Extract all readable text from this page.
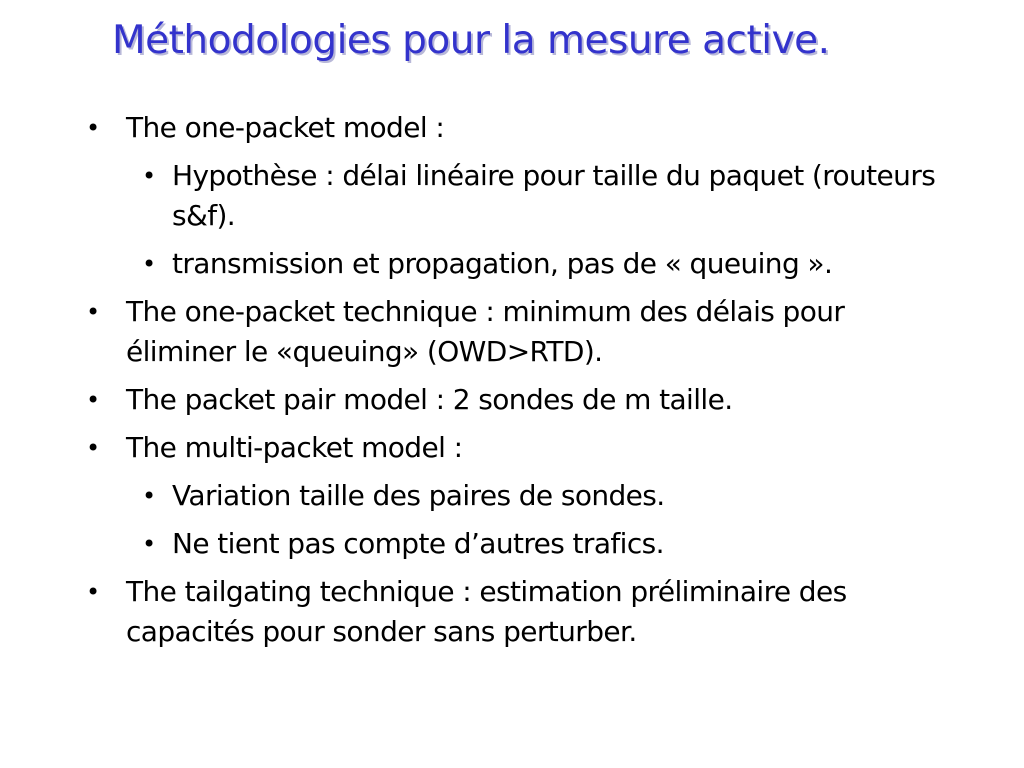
Méthodologies pour la mesure active.
• The one-packet model :
• Hypothèse : délai linéaire pour taille du paquet (routeurs s&f).
• transmission et propagation, pas de « queuing ».
• The one-packet technique : minimum des délais pour éliminer le «queuing» (OWD>RTD).
• The packet pair model : 2 sondes de m taille.
• The multi-packet model :
• Variation taille des paires de sondes.
• Ne tient pas compte d’autres trafics.
• The tailgating technique : estimation préliminaire des capacités pour sonder sans perturber.
